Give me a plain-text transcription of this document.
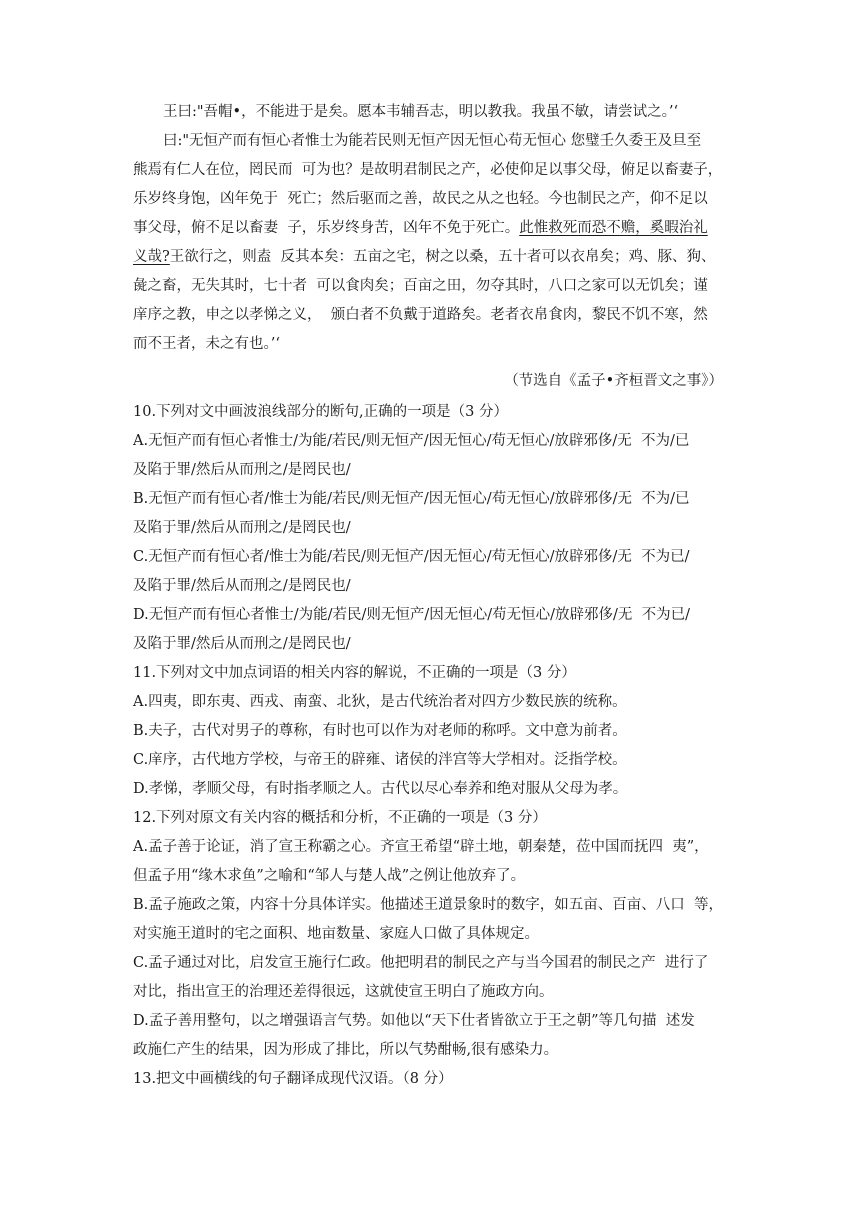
王曰:"吾帽•，不能进于是矣。愿本韦辅吾志，明以教我。我虽不敏，请尝试之。’‘
曰:"无恒产而有恒心者惟士为能若民则无恒产因无恒心苟无恒心 您璧壬久委王及旦至
熊焉有仁人在位，罔民而  可为也？是故明君制民之产，必使仰足以事父母，俯足以畜妻子，
乐岁终身饱，凶年免于  死亡；然后驱而之善，故民之从之也轻。今也制民之产，仰不足以
事父母，俯不足以畜妻  子，乐岁终身苦，凶年不免于死亡。此惟救死而恐不赡，奚暇治礼
义哉?王欲行之，则盍  反其本矣：五亩之宅，树之以桑，五十者可以衣帛矣；鸡、豚、狗、
彘之畜，无失其时，七十者  可以食肉矣；百亩之田，勿夺其时，八口之家可以无饥矣；谨
庠序之教，申之以孝悌之义，  颁白者不负戴于道路矣。老者衣帛食肉，黎民不饥不寒，然
而不王者，未之有也。’‘
（节选自《孟子•齐桓晋文之事》）
10.下列对文中画波浪线部分的断句,正确的一项是（3 分）
A.无恒产而有恒心者惟士/为能/若民/则无恒产/因无恒心/苟无恒心/放辟邪侈/无  不为/已
及陷于罪/然后从而刑之/是罔民也/
B.无恒产而有恒心者/惟士为能/若民/则无恒产/因无恒心/苟无恒心/放辟邪侈/无  不为/已
及陷于罪/然后从而刑之/是罔民也/
C.无恒产而有恒心者/惟士为能/若民/则无恒产/因无恒心/苟无恒心/放辟邪侈/无  不为已/
及陷于罪/然后从而刑之/是罔民也/
D.无恒产而有恒心者惟士/为能/若民/则无恒产/因无恒心/苟无恒心/放辟邪侈/无  不为已/
及陷于罪/然后从而刑之/是罔民也/
11.下列对文中加点词语的相关内容的解说，不正确的一项是（3 分）
A.四夷，即东夷、西戎、南蛮、北狄，是古代统治者对四方少数民族的统称。
B.夫子，古代对男子的尊称，有时也可以作为对老师的称呼。文中意为前者。
C.庠序，古代地方学校，与帝王的辟雍、诸侯的泮宫等大学相对。泛指学校。
D.孝悌，孝顺父母，有时指孝顺之人。古代以尽心奉养和绝对服从父母为孝。
12.下列对原文有关内容的概括和分析，不正确的一项是（3 分）
A.孟子善于论证，消了宣王称霸之心。齐宣王希望“辟土地，朝秦楚，莅中国而抚四  夷”，
但孟子用“缘木求鱼”之喻和“邹人与楚人战”之例让他放弃了。
B.孟子施政之策，内容十分具体详实。他描述王道景象时的数字，如五亩、百亩、八口  等，
对实施王道时的宅之面积、地亩数量、家庭人口做了具体规定。
C.孟子通过对比，启发宣王施行仁政。他把明君的制民之产与当今国君的制民之产  进行了
对比，指出宣王的治理还差得很远，这就使宣王明白了施政方向。
D.孟子善用整句，以之增强语言气势。如他以“天下仕者皆欲立于王之朝”等几句描  述发
政施仁产生的结果，因为形成了排比，所以气势酣畅,很有感染力。
13.把文中画横线的句子翻译成现代汉语。（8 分）
